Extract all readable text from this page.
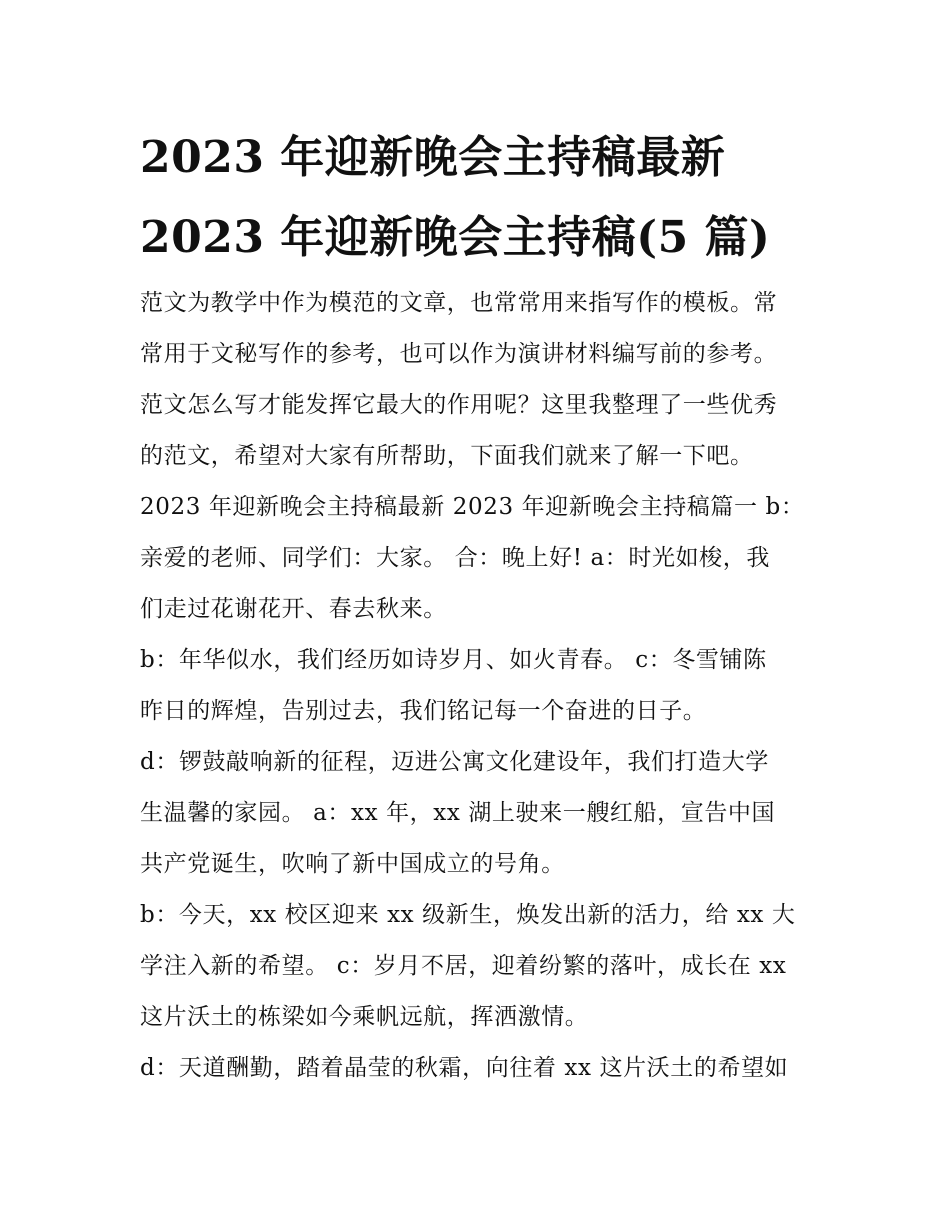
2023 年迎新晚会主持稿最新
2023 年迎新晚会主持稿(5 篇)
范文为教学中作为模范的文章，也常常用来指写作的模板。常
常用于文秘写作的参考，也可以作为演讲材料编写前的参考。
范文怎么写才能发挥它最大的作用呢？这里我整理了一些优秀
的范文，希望对大家有所帮助，下面我们就来了解一下吧。
2023 年迎新晚会主持稿最新 2023 年迎新晚会主持稿篇一 b：
亲爱的老师、同学们：大家。 合：晚上好! a：时光如梭，我
们走过花谢花开、春去秋来。
b：年华似水，我们经历如诗岁月、如火青春。 c：冬雪铺陈
昨日的辉煌，告别过去，我们铭记每一个奋进的日子。
d：锣鼓敲响新的征程，迈进公寓文化建设年，我们打造大学
生温馨的家园。 a：xx 年，xx 湖上驶来一艘红船，宣告中国
共产党诞生，吹响了新中国成立的号角。
b：今天，xx 校区迎来 xx 级新生，焕发出新的活力，给 xx 大
学注入新的希望。 c：岁月不居，迎着纷繁的落叶，成长在 xx
这片沃土的栋梁如今乘帆远航，挥洒激情。
d：天道酬勤，踏着晶莹的秋霜，向往着 xx 这片沃土的希望如
